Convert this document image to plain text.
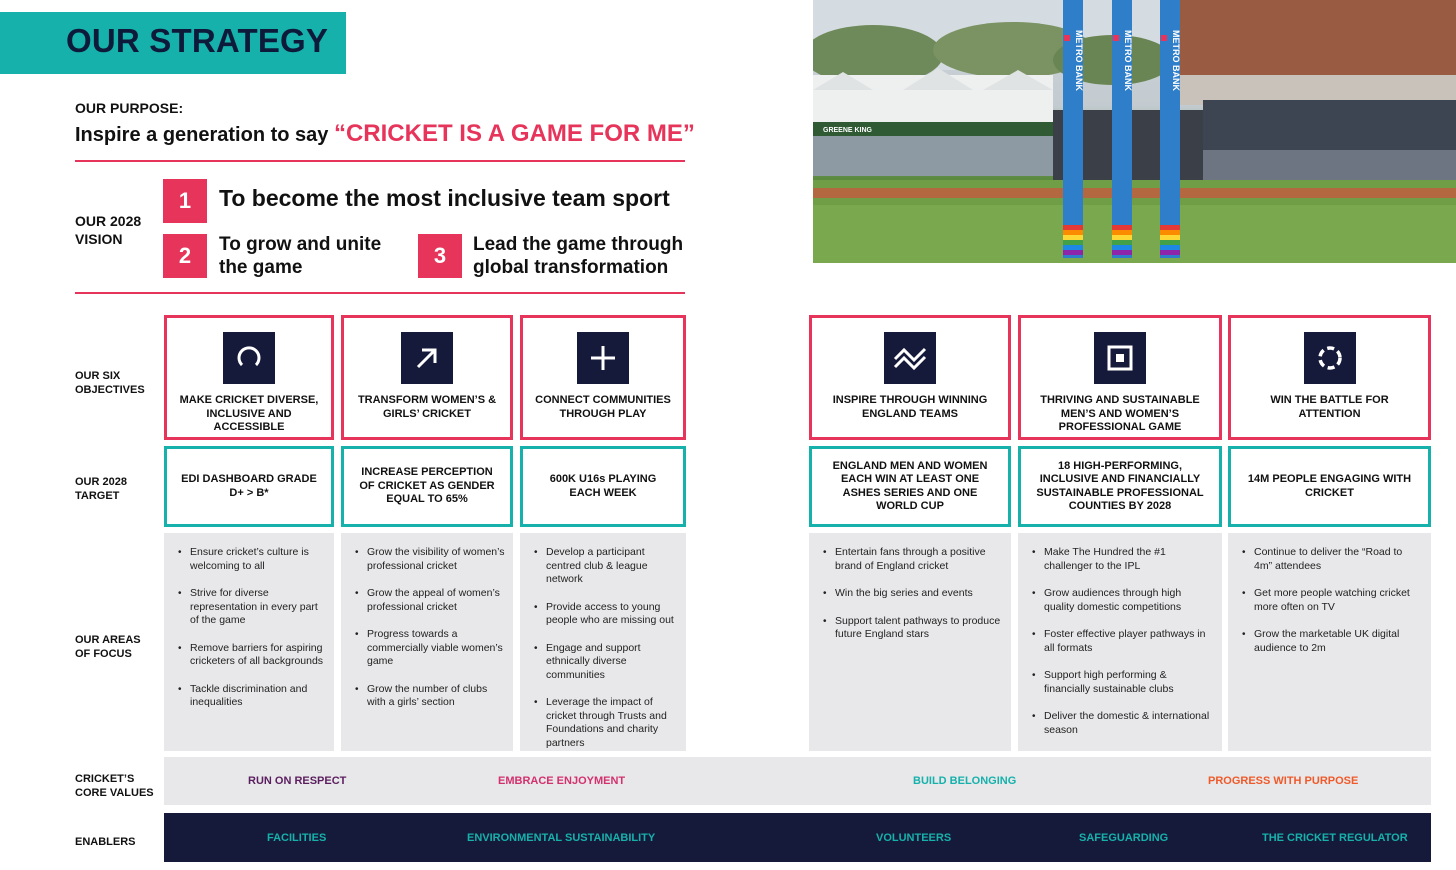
OUR STRATEGY
OUR PURPOSE:
Inspire a generation to say “CRICKET IS A GAME FOR ME”
OUR 2028
VISION
1	To become the most inclusive team sport
2	To grow and unite
the game	3	Lead the game through
global transformation
GREENE KING
METRO BANK	METRO BANK	METRO BANK
OUR SIX
OBJECTIVES
OUR 2028
TARGET
OUR AREAS
OF FOCUS
CRICKET’S
CORE VALUES
ENABLERS
MAKE CRICKET DIVERSE, INCLUSIVE AND ACCESSIBLE
EDI DASHBOARD GRADE D+ > B*
• Ensure cricket’s culture is welcoming to all
• Strive for diverse representation in every part of the game
• Remove barriers for aspiring cricketers of all backgrounds
• Tackle discrimination and inequalities
TRANSFORM WOMEN’S & GIRLS’ CRICKET
INCREASE PERCEPTION OF CRICKET AS GENDER EQUAL TO 65%
• Grow the visibility of women’s professional cricket
• Grow the appeal of women’s professional cricket
• Progress towards a commercially viable women’s game
• Grow the number of clubs with a girls’ section
CONNECT COMMUNITIES THROUGH PLAY
600K U16s PLAYING EACH WEEK
• Develop a participant centred club & league network
• Provide access to young people who are missing out
• Engage and support ethnically diverse communities
• Leverage the impact of cricket through Trusts and Foundations and charity partners
INSPIRE THROUGH WINNING ENGLAND TEAMS
ENGLAND MEN AND WOMEN EACH WIN AT LEAST ONE ASHES SERIES AND ONE WORLD CUP
• Entertain fans through a positive brand of England cricket
• Win the big series and events
• Support talent pathways to produce future England stars
THRIVING AND SUSTAINABLE MEN’S AND WOMEN’S PROFESSIONAL GAME
18 HIGH-PERFORMING, INCLUSIVE AND FINANCIALLY SUSTAINABLE PROFESSIONAL COUNTIES BY 2028
• Make The Hundred the #1 challenger to the IPL
• Grow audiences through high quality domestic competitions
• Foster effective player pathways in all formats
• Support high performing & financially sustainable clubs
• Deliver the domestic & international season
WIN THE BATTLE FOR ATTENTION
14M PEOPLE ENGAGING WITH CRICKET
• Continue to deliver the “Road to 4m” attendees
• Get more people watching cricket more often on TV
• Grow the marketable UK digital audience to 2m
RUN ON RESPECT	EMBRACE ENJOYMENT	BUILD BELONGING	PROGRESS WITH PURPOSE
FACILITIES	ENVIRONMENTAL SUSTAINABILITY	VOLUNTEERS	SAFEGUARDING	THE CRICKET REGULATOR
